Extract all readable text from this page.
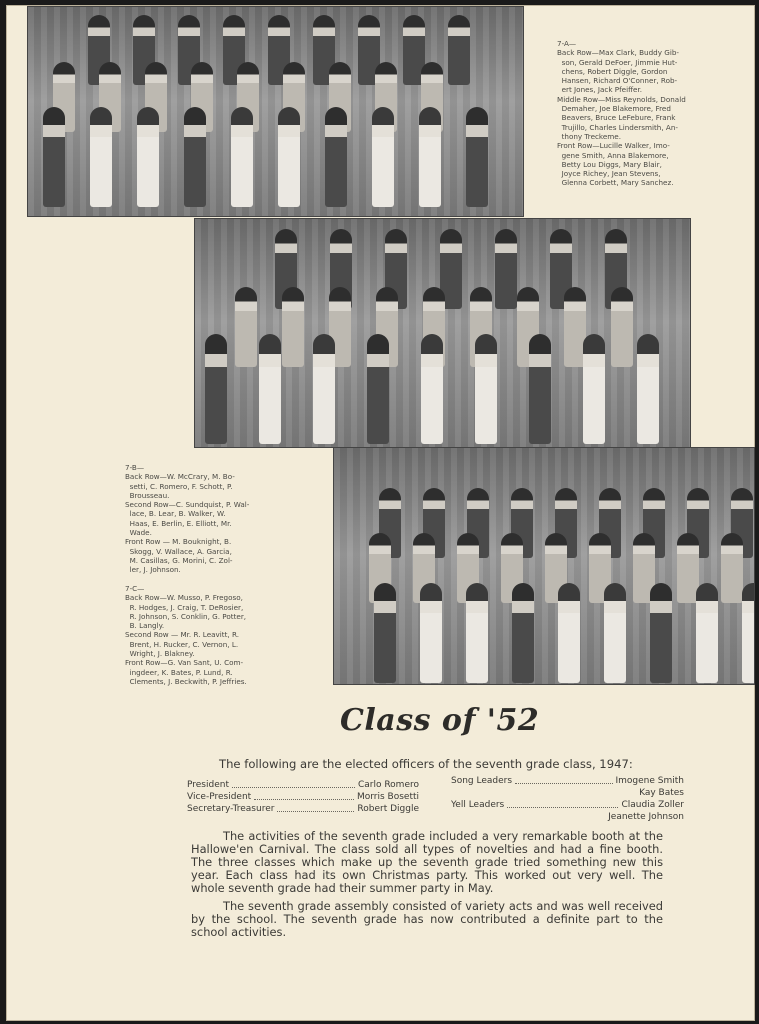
7-A—
Back Row—Max Clark, Buddy Gib-
son, Gerald DeFoer, Jimmie Hut-
chens, Robert Diggle, Gordon
Hansen, Richard O'Conner, Rob-
ert Jones, Jack Pfeiffer.
Middle Row—Miss Reynolds, Donald
Demaher, Joe Blakemore, Fred
Beavers, Bruce LeFebure, Frank
Trujillo, Charles Lindersmith, An-
thony Treckeme.
Front Row—Lucille Walker, Imo-
gene Smith, Anna Blakemore,
Betty Lou Diggs, Mary Blair,
Joyce Richey, Jean Stevens,
Glenna Corbett, Mary Sanchez.
7-B—
Back Row—W. McCrary, M. Bo-
setti, C. Romero, F. Schott, P.
Brousseau.
Second Row—C. Sundquist, P. Wal-
lace, B. Lear, B. Walker, W.
Haas, E. Berlin, E. Elliott, Mr.
Wade.
Front Row — M. Bouknight, B.
Skogg, V. Wallace, A. Garcia,
M. Casillas, G. Morini, C. Zol-
ler, J. Johnson.
7-C—
Back Row—W. Musso, P. Fregoso,
R. Hodges, J. Craig, T. DeRosier,
R. Johnson, S. Conklin, G. Potter,
B. Langly.
Second Row — Mr. R. Leavitt, R.
Brent, H. Rucker, C. Vernon, L.
Wright, J. Blakney.
Front Row—G. Van Sant, U. Com-
ingdeer, K. Bates, P. Lund, R.
Clements, J. Beckwith, P. Jeffries.
Class of '52
The following are the elected officers of the seventh grade class, 1947:
President	Carlo Romero
Vice-President	Morris Bosetti
Secretary-Treasurer	Robert Diggle
Song Leaders	Imogene Smith
Kay Bates
Yell Leaders	Claudia Zoller
Jeanette Johnson
The activities of the seventh grade included a very remarkable booth at the Hallowe'en Carnival. The class sold all types of novelties and had a fine booth. The three classes which make up the seventh grade tried something new this year. Each class had its own Christmas party. This worked out very well. The whole seventh grade had their summer party in May.
The seventh grade assembly consisted of variety acts and was well received by the school. The seventh grade has now contributed a definite part to the school activities.
